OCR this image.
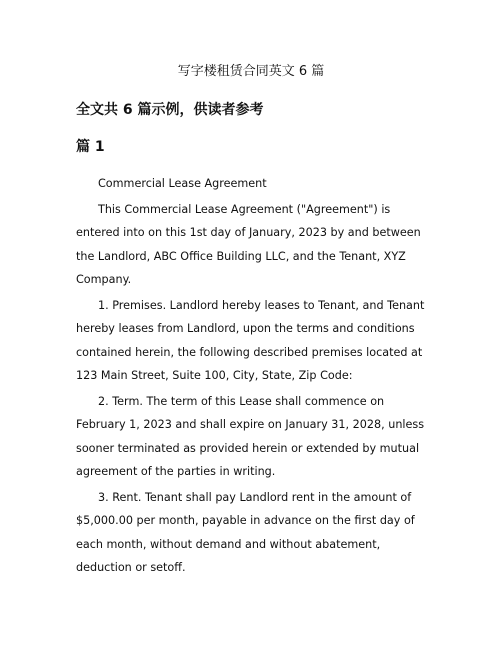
写字楼租赁合同英文 6 篇
全文共 6 篇示例，供读者参考
篇 1

Commercial Lease Agreement

This Commercial Lease Agreement ("Agreement") is entered into on this 1st day of January, 2023 by and between the Landlord, ABC Office Building LLC, and the Tenant, XYZ Company.

1. Premises. Landlord hereby leases to Tenant, and Tenant hereby leases from Landlord, upon the terms and conditions contained herein, the following described premises located at 123 Main Street, Suite 100, City, State, Zip Code:

2. Term. The term of this Lease shall commence on February 1, 2023 and shall expire on January 31, 2028, unless sooner terminated as provided herein or extended by mutual agreement of the parties in writing.

3. Rent. Tenant shall pay Landlord rent in the amount of $5,000.00 per month, payable in advance on the first day of each month, without demand and without abatement, deduction or setoff.
